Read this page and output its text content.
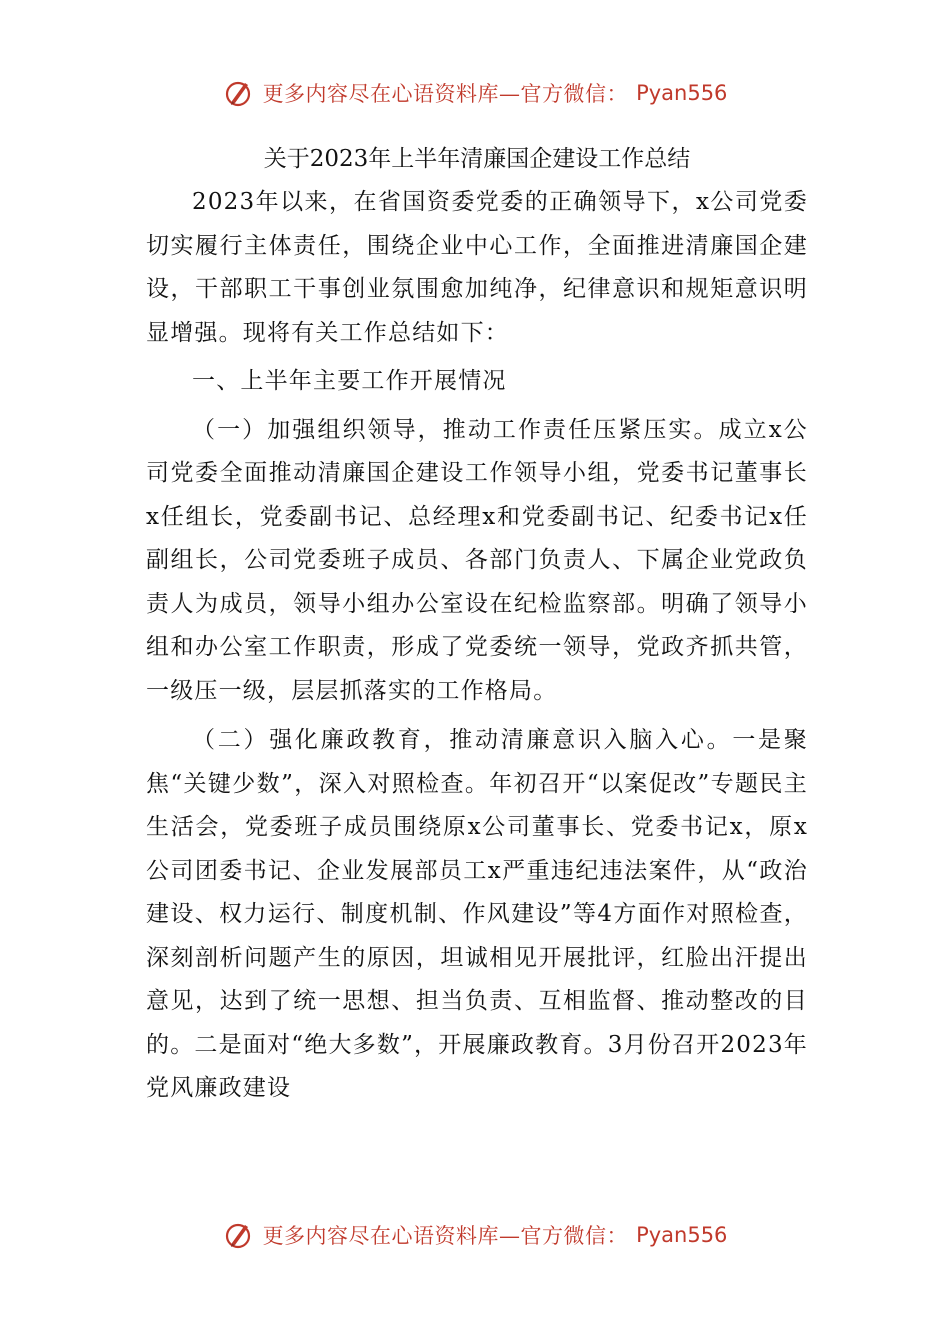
更多内容尽在心语资料库—官方微信： Pyan556
关于2023年上半年清廉国企建设工作总结

2023年以来，在省国资委党委的正确领导下，x公司党委切实履行主体责任，围绕企业中心工作，全面推进清廉国企建设，干部职工干事创业氛围愈加纯净，纪律意识和规矩意识明显增强。现将有关工作总结如下：

一、上半年主要工作开展情况

（一）加强组织领导，推动工作责任压紧压实。成立x公司党委全面推动清廉国企建设工作领导小组，党委书记董事长x任组长，党委副书记、总经理x和党委副书记、纪委书记x任副组长，公司党委班子成员、各部门负责人、下属企业党政负责人为成员，领导小组办公室设在纪检监察部。明确了领导小组和办公室工作职责，形成了党委统一领导，党政齐抓共管，一级压一级，层层抓落实的工作格局。

（二）强化廉政教育，推动清廉意识入脑入心。一是聚焦“关键少数”，深入对照检查。年初召开“以案促改”专题民主生活会，党委班子成员围绕原x公司董事长、党委书记x，原x公司团委书记、企业发展部员工x严重违纪违法案件，从“政治建设、权力运行、制度机制、作风建设”等4方面作对照检查，深刻剖析问题产生的原因，坦诚相见开展批评，红脸出汗提出意见，达到了统一思想、担当负责、互相监督、推动整改的目的。二是面对“绝大多数”，开展廉政教育。3月份召开2023年党风廉政建设

更多内容尽在心语资料库—官方微信： Pyan556
